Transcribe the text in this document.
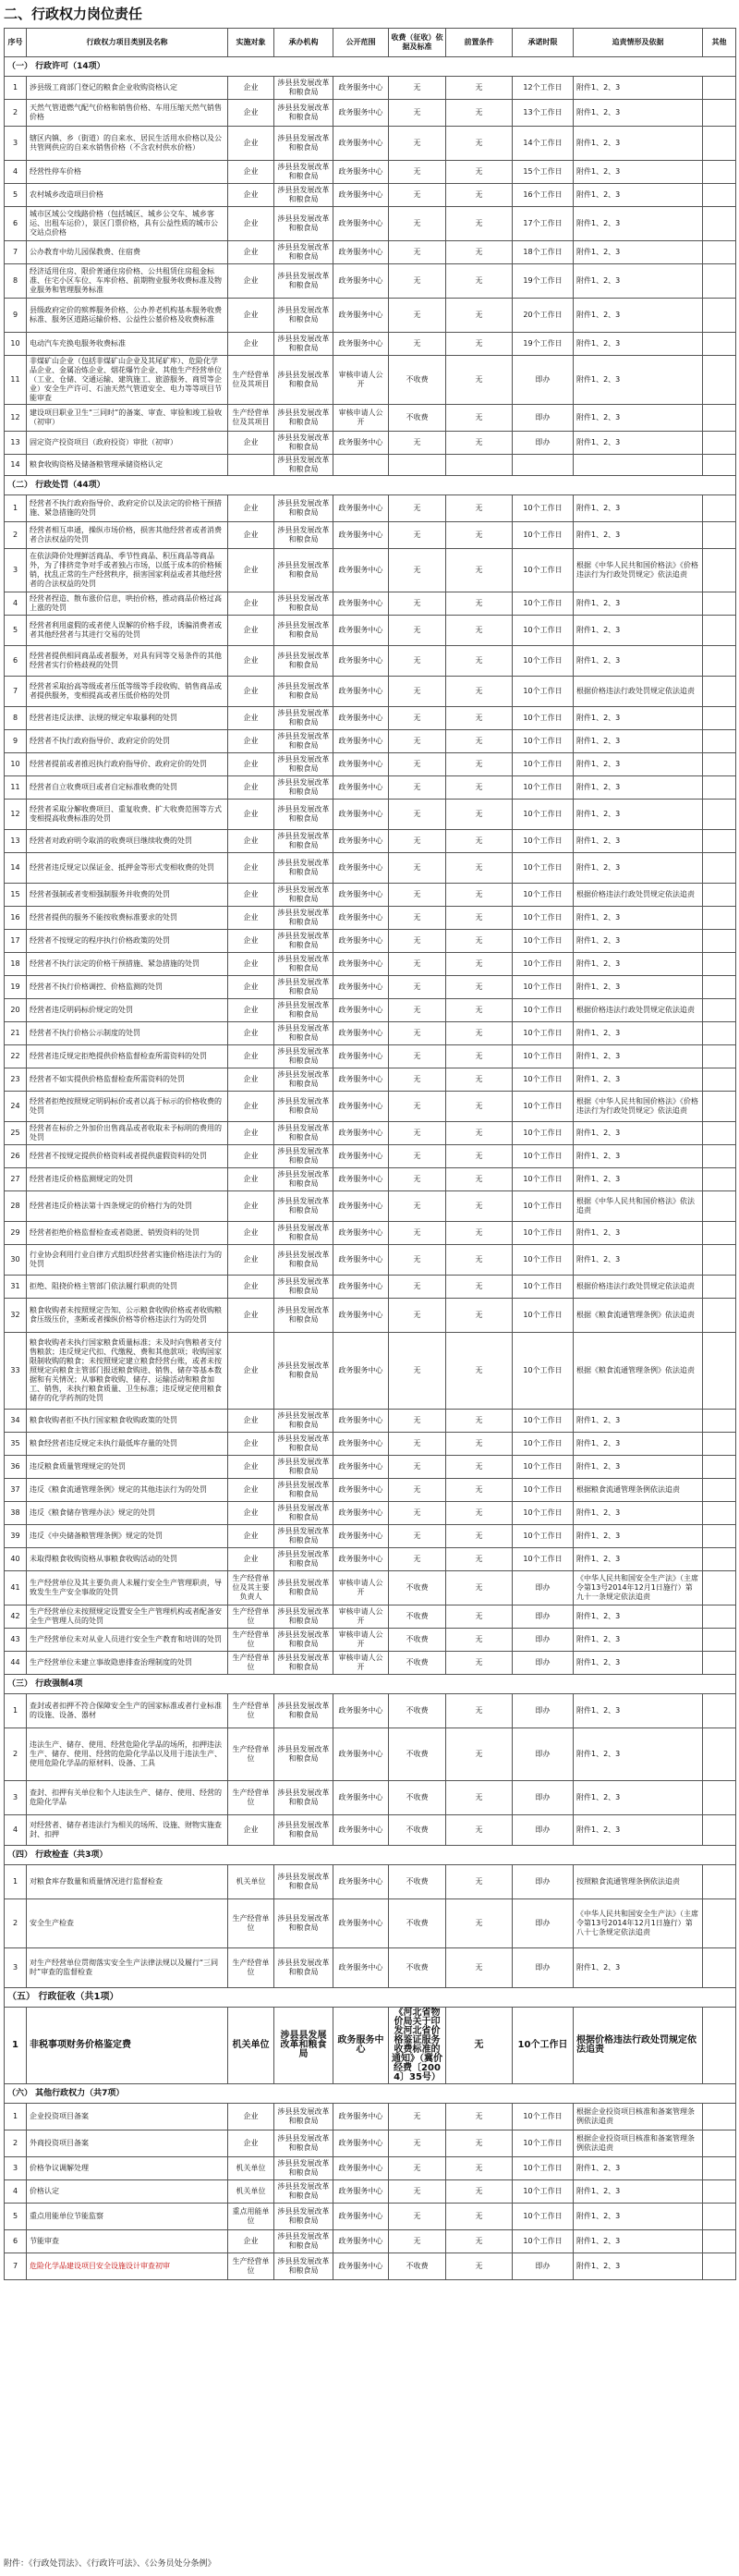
二、行政权力岗位责任
序号	行政权力项目类别及名称	实施对象	承办机构	公开范围	收费（征收）依据及标准	前置条件	承诺时限	追责情形及依据	其他
（一） 行政许可（14项）									
1	涉县级工商部门登记的粮食企业收购资格认定	企业	涉县县发展改革和粮食局	政务服务中心	无	无	12个工作日	附件1、2、3	
2	天然气管道燃气配气价格和销售价格、车用压缩天然气销售价格	企业	涉县县发展改革和粮食局	政务服务中心	无	无	13个工作日	附件1、2、3	
3	辖区内镇、乡（街道）的自来水、居民生活用水价格以及公共管网供应的自来水销售价格（不含农村供水价格）	企业	涉县县发展改革和粮食局	政务服务中心	无	无	14个工作日	附件1、2、3	
4	经营性停车价格	企业	涉县县发展改革和粮食局	政务服务中心	无	无	15个工作日	附件1、2、3	
5	农村城乡改造项目价格	企业	涉县县发展改革和粮食局	政务服务中心	无	无	16个工作日	附件1、2、3	
6	城市区域公交线路价格（包括城区、城乡公交车、城乡客运、出租车运价），景区门票价格，具有公益性质的城市公交站点价格	企业	涉县县发展改革和粮食局	政务服务中心	无	无	17个工作日	附件1、2、3	
7	公办教育中幼儿园保教费、住宿费	企业	涉县县发展改革和粮食局	政务服务中心	无	无	18个工作日	附件1、2、3	
8	经济适用住房、限价普通住房价格、公共租赁住房租金标准、住宅小区车位、车库价格、前期物业服务收费标准及物业服务和管理服务标准	企业	涉县县发展改革和粮食局	政务服务中心	无	无	19个工作日	附件1、2、3	
9	县级政府定价的殡葬服务价格、公办养老机构基本服务收费标准、服务区道路运输价格、公益性公墓价格及收费标准	企业	涉县县发展改革和粮食局	政务服务中心	无	无	20个工作日	附件1、2、3	
10	电动汽车充换电服务收费标准	企业	涉县县发展改革和粮食局	政务服务中心	无	无	19个工作日	附件1、2、3	
11	非煤矿山企业（包括非煤矿山企业及其尾矿库）、危险化学品企业、金属冶炼企业、烟花爆竹企业、其他生产经营单位（工业、仓储、交通运输、建筑施工、旅游服务、商贸等企业）安全生产许可、石油天然气管道安全、电力等等项目节能审查	生产经营单位及其项目	涉县县发展改革和粮食局	审核申请人公开	不收费	无	即办	附件1、2、3	
12	建设项目职业卫生“三同时”的备案、审查、审验和竣工验收（初审）	生产经营单位及其项目	涉县县发展改革和粮食局	审核申请人公开	不收费	无	即办	附件1、2、3	
13	固定资产投资项目（政府投资）审批（初审）	企业	涉县县发展改革和粮食局	政务服务中心	无	无	即办	附件1、2、3	
14	粮食收购资格及储备粮管理承储资格认定		涉县县发展改革和粮食局						
（二） 行政处罚（44项）									
1	经营者不执行政府指导价、政府定价以及法定的价格干预措施、紧急措施的处罚	企业	涉县县发展改革和粮食局	政务服务中心	无	无	10个工作日	附件1、2、3	
2	经营者相互串通，操纵市场价格，损害其他经营者或者消费者合法权益的处罚	企业	涉县县发展改革和粮食局	政务服务中心	无	无	10个工作日	附件1、2、3	
3	在依法降价处理鲜活商品、季节性商品、积压商品等商品外，为了排挤竞争对手或者独占市场，以低于成本的价格倾销，扰乱正常的生产经营秩序，损害国家利益或者其他经营者的合法权益的处罚	企业	涉县县发展改革和粮食局	政务服务中心	无	无	10个工作日	根据《中华人民共和国价格法》《价格违法行为行政处罚规定》依法追责	
4	经营者捏造、散布涨价信息，哄抬价格，推动商品价格过高上涨的处罚	企业	涉县县发展改革和粮食局	政务服务中心	无	无	10个工作日	附件1、2、3	
5	经营者利用虚假的或者使人误解的价格手段，诱骗消费者或者其他经营者与其进行交易的处罚	企业	涉县县发展改革和粮食局	政务服务中心	无	无	10个工作日	附件1、2、3	
6	经营者提供相同商品或者服务，对具有同等交易条件的其他经营者实行价格歧视的处罚	企业	涉县县发展改革和粮食局	政务服务中心	无	无	10个工作日	附件1、2、3	
7	经营者采取抬高等级或者压低等级等手段收购、销售商品或者提供服务，变相提高或者压低价格的处罚	企业	涉县县发展改革和粮食局	政务服务中心	无	无	10个工作日	根据价格违法行政处罚规定依法追责	
8	经营者违反法律、法规的规定牟取暴利的处罚	企业	涉县县发展改革和粮食局	政务服务中心	无	无	10个工作日	附件1、2、3	
9	经营者不执行政府指导价、政府定价的处罚	企业	涉县县发展改革和粮食局	政务服务中心	无	无	10个工作日	附件1、2、3	
10	经营者提前或者推迟执行政府指导价、政府定价的处罚	企业	涉县县发展改革和粮食局	政务服务中心	无	无	10个工作日	附件1、2、3	
11	经营者自立收费项目或者自定标准收费的处罚	企业	涉县县发展改革和粮食局	政务服务中心	无	无	10个工作日	附件1、2、3	
12	经营者采取分解收费项目、重复收费、扩大收费范围等方式变相提高收费标准的处罚	企业	涉县县发展改革和粮食局	政务服务中心	无	无	10个工作日	附件1、2、3	
13	经营者对政府明令取消的收费项目继续收费的处罚	企业	涉县县发展改革和粮食局	政务服务中心	无	无	10个工作日	附件1、2、3	
14	经营者违反规定以保证金、抵押金等形式变相收费的处罚	企业	涉县县发展改革和粮食局	政务服务中心	无	无	10个工作日	附件1、2、3	
15	经营者强制或者变相强制服务并收费的处罚	企业	涉县县发展改革和粮食局	政务服务中心	无	无	10个工作日	根据价格违法行政处罚规定依法追责	
16	经营者提供的服务不能按收费标准要求的处罚	企业	涉县县发展改革和粮食局	政务服务中心	无	无	10个工作日	附件1、2、3	
17	经营者不按规定的程序执行价格政策的处罚	企业	涉县县发展改革和粮食局	政务服务中心	无	无	10个工作日	附件1、2、3	
18	经营者不执行法定的价格干预措施、紧急措施的处罚	企业	涉县县发展改革和粮食局	政务服务中心	无	无	10个工作日	附件1、2、3	
19	经营者不执行价格调控、价格监测的处罚	企业	涉县县发展改革和粮食局	政务服务中心	无	无	10个工作日	附件1、2、3	
20	经营者违反明码标价规定的处罚	企业	涉县县发展改革和粮食局	政务服务中心	无	无	10个工作日	根据价格违法行政处罚规定依法追责	
21	经营者不执行价格公示制度的处罚	企业	涉县县发展改革和粮食局	政务服务中心	无	无	10个工作日	附件1、2、3	
22	经营者违反规定拒绝提供价格监督检查所需资料的处罚	企业	涉县县发展改革和粮食局	政务服务中心	无	无	10个工作日	附件1、2、3	
23	经营者不如实提供价格监督检查所需资料的处罚	企业	涉县县发展改革和粮食局	政务服务中心	无	无	10个工作日	附件1、2、3	
24	经营者拒绝按照规定明码标价或者以高于标示的价格收费的处罚	企业	涉县县发展改革和粮食局	政务服务中心	无	无	10个工作日	根据《中华人民共和国价格法》《价格违法行为行政处罚规定》依法追责	
25	经营者在标价之外加价出售商品或者收取未予标明的费用的处罚	企业	涉县县发展改革和粮食局	政务服务中心	无	无	10个工作日	附件1、2、3	
26	经营者不按规定提供价格资料或者提供虚假资料的处罚	企业	涉县县发展改革和粮食局	政务服务中心	无	无	10个工作日	附件1、2、3	
27	经营者违反价格监测规定的处罚	企业	涉县县发展改革和粮食局	政务服务中心	无	无	10个工作日	附件1、2、3	
28	经营者违反价格法第十四条规定的价格行为的处罚	企业	涉县县发展改革和粮食局	政务服务中心	无	无	10个工作日	根据《中华人民共和国价格法》依法追责	
29	经营者拒绝价格监督检查或者隐匿、销毁资料的处罚	企业	涉县县发展改革和粮食局	政务服务中心	无	无	10个工作日	附件1、2、3	
30	行业协会利用行业自律方式组织经营者实施价格违法行为的处罚	企业	涉县县发展改革和粮食局	政务服务中心	无	无	10个工作日	附件1、2、3	
31	拒绝、阻挠价格主管部门依法履行职责的处罚	企业	涉县县发展改革和粮食局	政务服务中心	无	无	10个工作日	根据价格违法行政处罚规定依法追责	
32	粮食收购者未按照规定告知、公示粮食收购价格或者收购粮食压级压价，垄断或者操纵价格等价格违法行为的处罚	企业	涉县县发展改革和粮食局	政务服务中心	无	无	10个工作日	根据《粮食流通管理条例》依法追责	
33	粮食收购者未执行国家粮食质量标准；未及时向售粮者支付售粮款；违反规定代扣、代缴税、费和其他款项；收购国家限制收购的粮食；未按照规定建立粮食经营台账，或者未按照规定向粮食主管部门报送粮食购进、销售、储存等基本数据和有关情况；从事粮食收购、储存、运输活动和粮食加工、销售，未执行粮食质量、卫生标准；违反规定使用粮食储存的化学药剂的处罚	企业	涉县县发展改革和粮食局	政务服务中心	无	无	10个工作日	根据《粮食流通管理条例》依法追责	
34	粮食收购者拒不执行国家粮食收购政策的处罚	企业	涉县县发展改革和粮食局	政务服务中心	无	无	10个工作日	附件1、2、3	
35	粮食经营者违反规定未执行最低库存量的处罚	企业	涉县县发展改革和粮食局	政务服务中心	无	无	10个工作日	附件1、2、3	
36	违反粮食质量管理规定的处罚	企业	涉县县发展改革和粮食局	政务服务中心	无	无	10个工作日	附件1、2、3	
37	违反《粮食流通管理条例》规定的其他违法行为的处罚	企业	涉县县发展改革和粮食局	政务服务中心	无	无	10个工作日	根据粮食流通管理条例依法追责	
38	违反《粮食储存管理办法》规定的处罚	企业	涉县县发展改革和粮食局	政务服务中心	无	无	10个工作日	附件1、2、3	
39	违反《中央储备粮管理条例》规定的处罚	企业	涉县县发展改革和粮食局	政务服务中心	无	无	10个工作日	附件1、2、3	
40	未取得粮食收购资格从事粮食收购活动的处罚	企业	涉县县发展改革和粮食局	政务服务中心	无	无	10个工作日	附件1、2、3	
41	生产经营单位及其主要负责人未履行安全生产管理职责，导致发生生产安全事故的处罚	生产经营单位及其主要负责人	涉县县发展改革和粮食局	审核申请人公开	不收费	无	即办	《中华人民共和国安全生产法》（主席令第13号2014年12月1日施行）第九十一条规定依法追责	
42	生产经营单位未按照规定设置安全生产管理机构或者配备安全生产管理人员的处罚	生产经营单位	涉县县发展改革和粮食局	审核申请人公开	不收费	无	即办	附件1、2、3	
43	生产经营单位未对从业人员进行安全生产教育和培训的处罚	生产经营单位	涉县县发展改革和粮食局	审核申请人公开	不收费	无	即办	附件1、2、3	
44	生产经营单位未建立事故隐患排查治理制度的处罚	生产经营单位	涉县县发展改革和粮食局	审核申请人公开	不收费	无	即办	附件1、2、3	
（三） 行政强制4项									
1	查封或者扣押不符合保障安全生产的国家标准或者行业标准的设施、设备、器材	生产经营单位	涉县县发展改革和粮食局	政务服务中心	不收费	无	即办	附件1、2、3	
2	违法生产、储存、使用、经营危险化学品的场所，扣押违法生产、储存、使用、经营的危险化学品以及用于违法生产、使用危险化学品的原材料、设备、工具	生产经营单位	涉县县发展改革和粮食局	政务服务中心	不收费	无	即办	附件1、2、3	
3	查封、扣押有关单位和个人违法生产、储存、使用、经营的危险化学品	生产经营单位	涉县县发展改革和粮食局	政务服务中心	不收费	无	即办	附件1、2、3	
4	对经营者、储存者违法行为相关的场所、设施、财物实施查封、扣押	企业	涉县县发展改革和粮食局	政务服务中心	不收费	无	即办	附件1、2、3	
（四） 行政检查（共3项）									
1	对粮食库存数量和质量情况进行监督检查	机关单位	涉县县发展改革和粮食局	政务服务中心	不收费	无	即办	按照粮食流通管理条例依法追责	
2	安全生产检查	生产经营单位	涉县县发展改革和粮食局	政务服务中心	不收费	无	即办	《中华人民共和国安全生产法》（主席令第13号2014年12月1日施行）第八十七条规定依法追责	
3	对生产经营单位贯彻落实安全生产法律法规以及履行“三同时”审查的监督检查	生产经营单位	涉县县发展改革和粮食局	政务服务中心	不收费	无	即办	附件1、2、3	
（五） 行政征收（共1项）									
1	非税事项财务价格鉴定费	机关单位	涉县县发展改革和粮食局	政务服务中心	《河北省物价局关于印发河北省价格鉴证服务收费标准的通知》（冀价经费〔2004〕35号）	无	10个工作日	根据价格违法行政处罚规定依法追责	
（六） 其他行政权力（共7项）									
1	企业投资项目备案	企业	涉县县发展改革和粮食局	政务服务中心	无	无	10个工作日	根据企业投资项目核准和备案管理条例依法追责	
2	外商投资项目备案	企业	涉县县发展改革和粮食局	政务服务中心	无	无	10个工作日	根据企业投资项目核准和备案管理条例依法追责	
3	价格争议调解处理	机关单位	涉县县发展改革和粮食局	政务服务中心	无	无	10个工作日	附件1、2、3	
4	价格认定	机关单位	涉县县发展改革和粮食局	政务服务中心	无	无	10个工作日	附件1、2、3	
5	重点用能单位节能监察	重点用能单位	涉县县发展改革和粮食局	政务服务中心	无	无	10个工作日	附件1、2、3	
6	节能审查	企业	涉县县发展改革和粮食局	政务服务中心	无	无	10个工作日	附件1、2、3	
7	危险化学品建设项目安全设施设计审查初审	生产经营单位	涉县县发展改革和粮食局	政务服务中心	不收费	无	即办	附件1、2、3	
附件：《行政处罚法》、《行政许可法》、《公务员处分条例》
